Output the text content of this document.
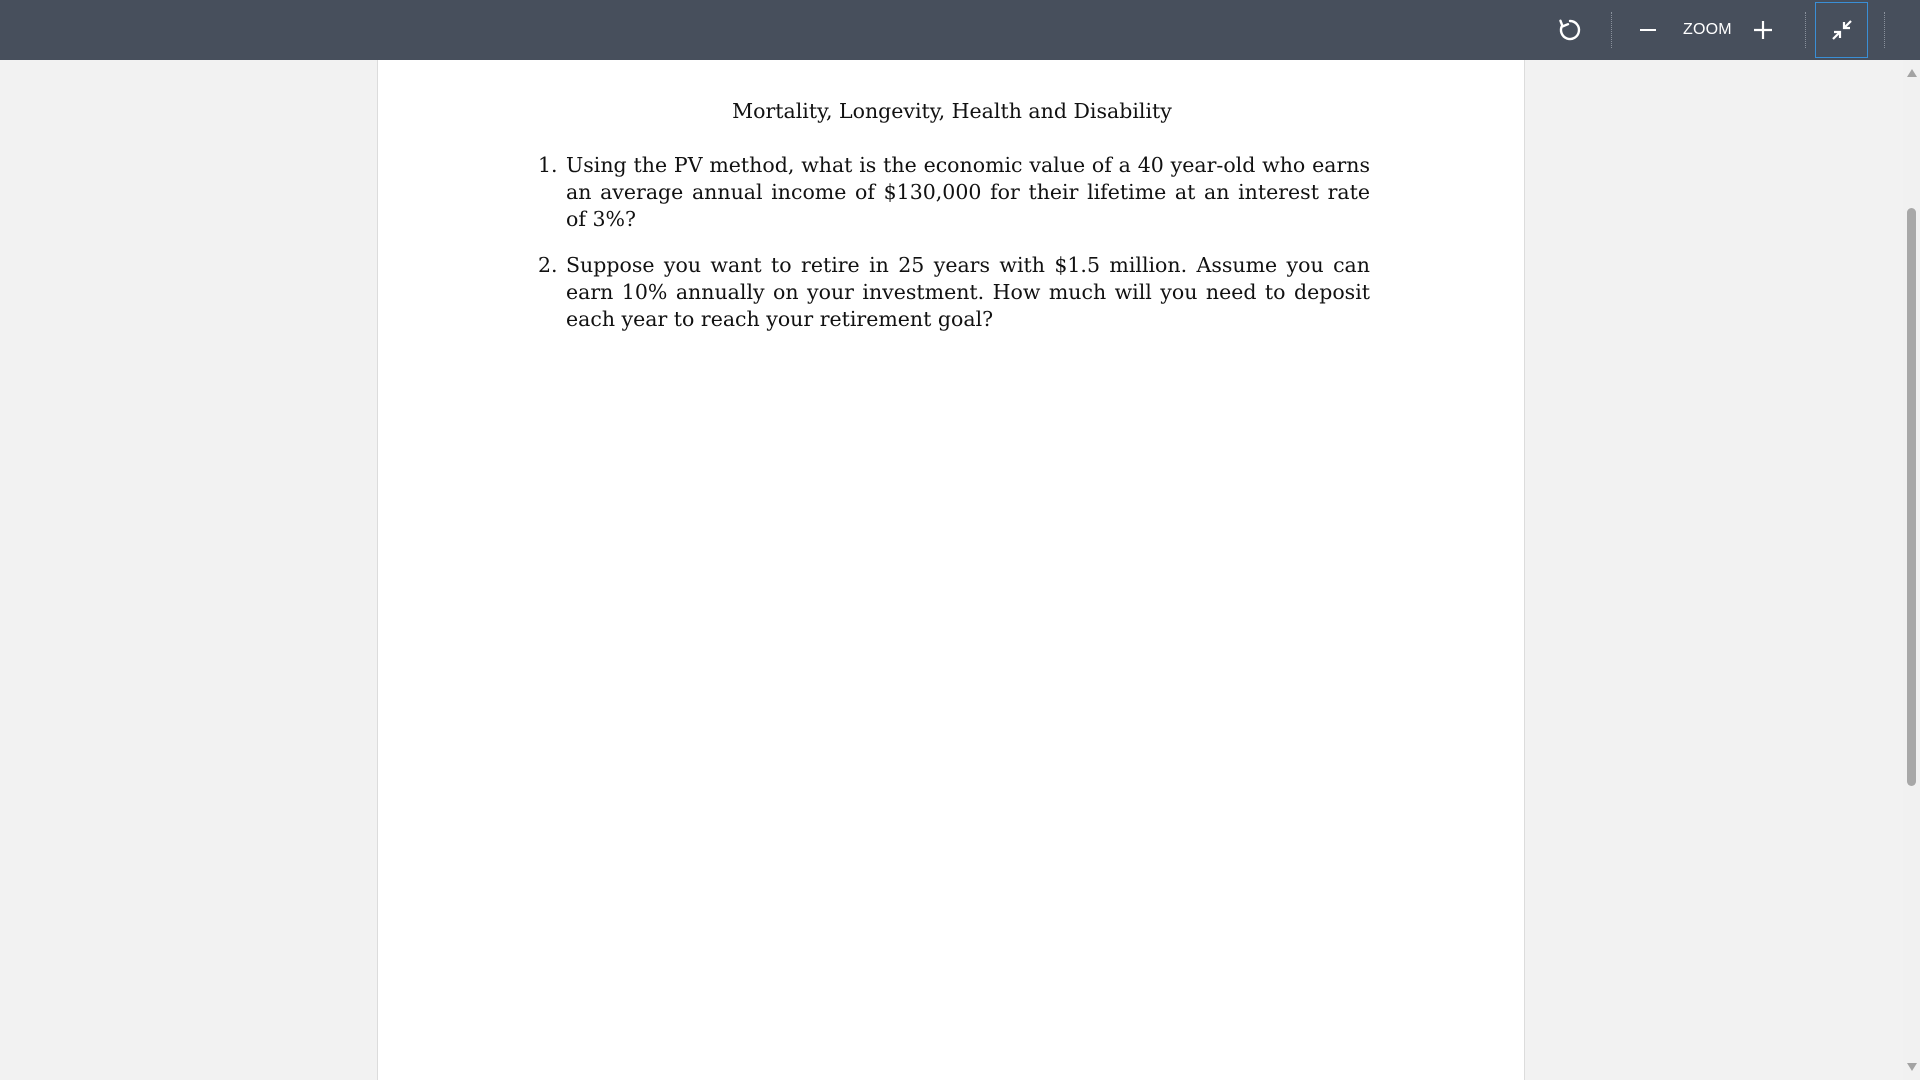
ZOOM
Mortality, Longevity, Health and Disability
1. Using the PV method, what is the economic value of a 40 year-old who earns an average annual income of $130,000 for their lifetime at an interest rate of 3%?
2. Suppose you want to retire in 25 years with $1.5 million. Assume you can earn 10% annually on your investment. How much will you need to deposit each year to reach your retirement goal?
